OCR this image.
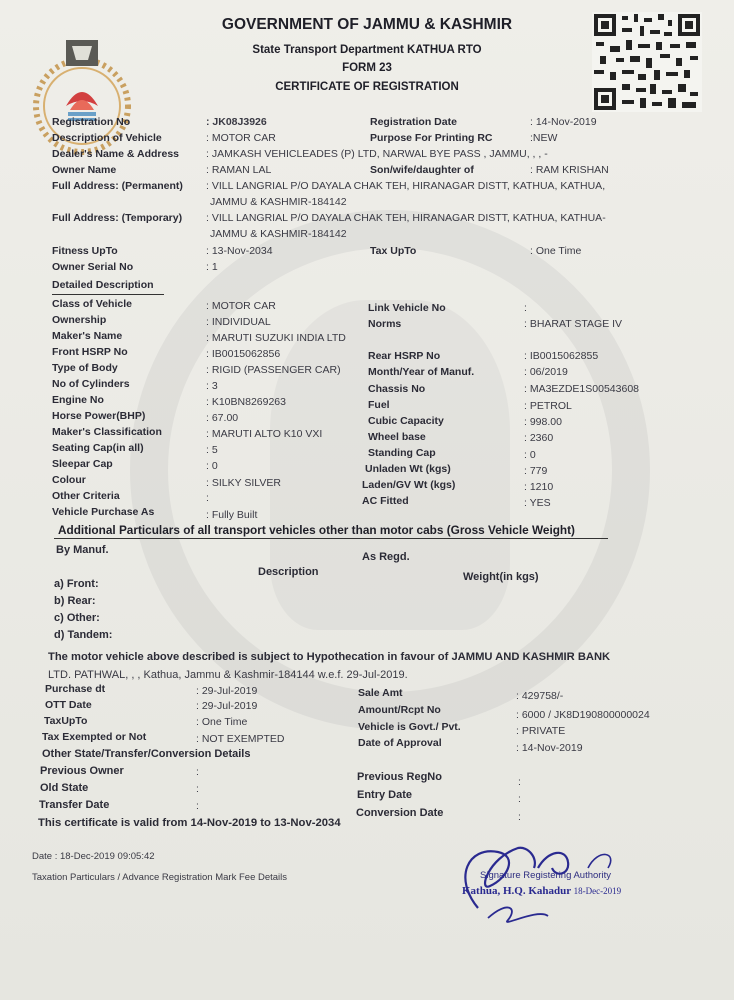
GOVERNMENT OF JAMMU & KASHMIR
State Transport Department KATHUA RTO
FORM 23
CERTIFICATE OF REGISTRATION
Registration No	: JK08J3926
Description of Vehicle	: MOTOR CAR
Dealer's Name & Address	: JAMKASH VEHICLEADES (P) LTD, NARWAL BYE PASS , JAMMU, , , -
Owner Name	: RAMAN LAL
Full Address: (Permanent) : VILL LANGRIAL P/O DAYALA CHAK TEH, HIRANAGAR DISTT, KATHUA, KATHUA,
JAMMU & KASHMIR-184142
Full Address: (Temporary) : VILL LANGRIAL P/O DAYALA CHAK TEH, HIRANAGAR DISTT, KATHUA, KATHUA-
JAMMU & KASHMIR-184142
Fitness UpTo	: 13-Nov-2034
Owner Serial No	: 1
Registration Date	: 14-Nov-2019
Purpose For Printing RC	:NEW
Son/wife/daughter of	: RAM KRISHAN
Tax UpTo	: One Time
Detailed Description
Class of Vehicle	: MOTOR CAR
Ownership	: INDIVIDUAL
Maker's Name	: MARUTI SUZUKI INDIA LTD
Front HSRP No	: IB0015062856
Type of Body	: RIGID (PASSENGER CAR)
No of Cylinders	: 3
Engine No	: K10BN8269263
Horse Power(BHP)	: 67.00
Maker's Classification	: MARUTI ALTO K10 VXI
Seating Cap(in all)	: 5
Sleepar Cap	: 0
Colour	: SILKY SILVER
Other Criteria	:
Vehicle Purchase As	: Fully Built
Link Vehicle No	:
Norms	: BHARAT STAGE IV
Rear HSRP No	: IB0015062855
Month/Year of Manuf.	: 06/2019
Chassis No	: MA3EZDE1S00543608
Fuel	: PETROL
Cubic Capacity	: 998.00
Wheel base	: 2360
Standing Cap	: 0
Unladen Wt (kgs)	: 779
Laden/GV Wt (kgs)	: 1210
AC Fitted	: YES
Additional Particulars of all transport vehicles other than motor cabs (Gross Vehicle Weight)
By Manuf.
As Regd.
Description	Weight(in kgs)
a) Front:
b) Rear:
c) Other:
d) Tandem:
The motor vehicle above described is subject to Hypothecation in favour of JAMMU AND KASHMIR BANK
LTD. PATHWAL, , , Kathua, Jammu & Kashmir-184144 w.e.f. 29-Jul-2019.
Purchase dt	: 29-Jul-2019
OTT Date	: 29-Jul-2019
TaxUpTo	: One Time
Tax Exempted or Not	: NOT EXEMPTED
Sale Amt	: 429758/-
Amount/Rcpt No	: 6000 / JK8D190800000024
Vehicle is Govt./ Pvt.	: PRIVATE
Date of Approval	: 14-Nov-2019
Other State/Transfer/Conversion Details
Previous Owner	:
Old State	:
Transfer Date	:
Previous RegNo	:
Entry Date	:
Conversion Date	:
This certificate is valid from 14-Nov-2019 to 13-Nov-2034
Date : 18-Dec-2019 09:05:42
Taxation Particulars / Advance Registration Mark Fee Details	Signature Registering Authority
Kathua, H.Q. Kahadur 18-Dec-2019
